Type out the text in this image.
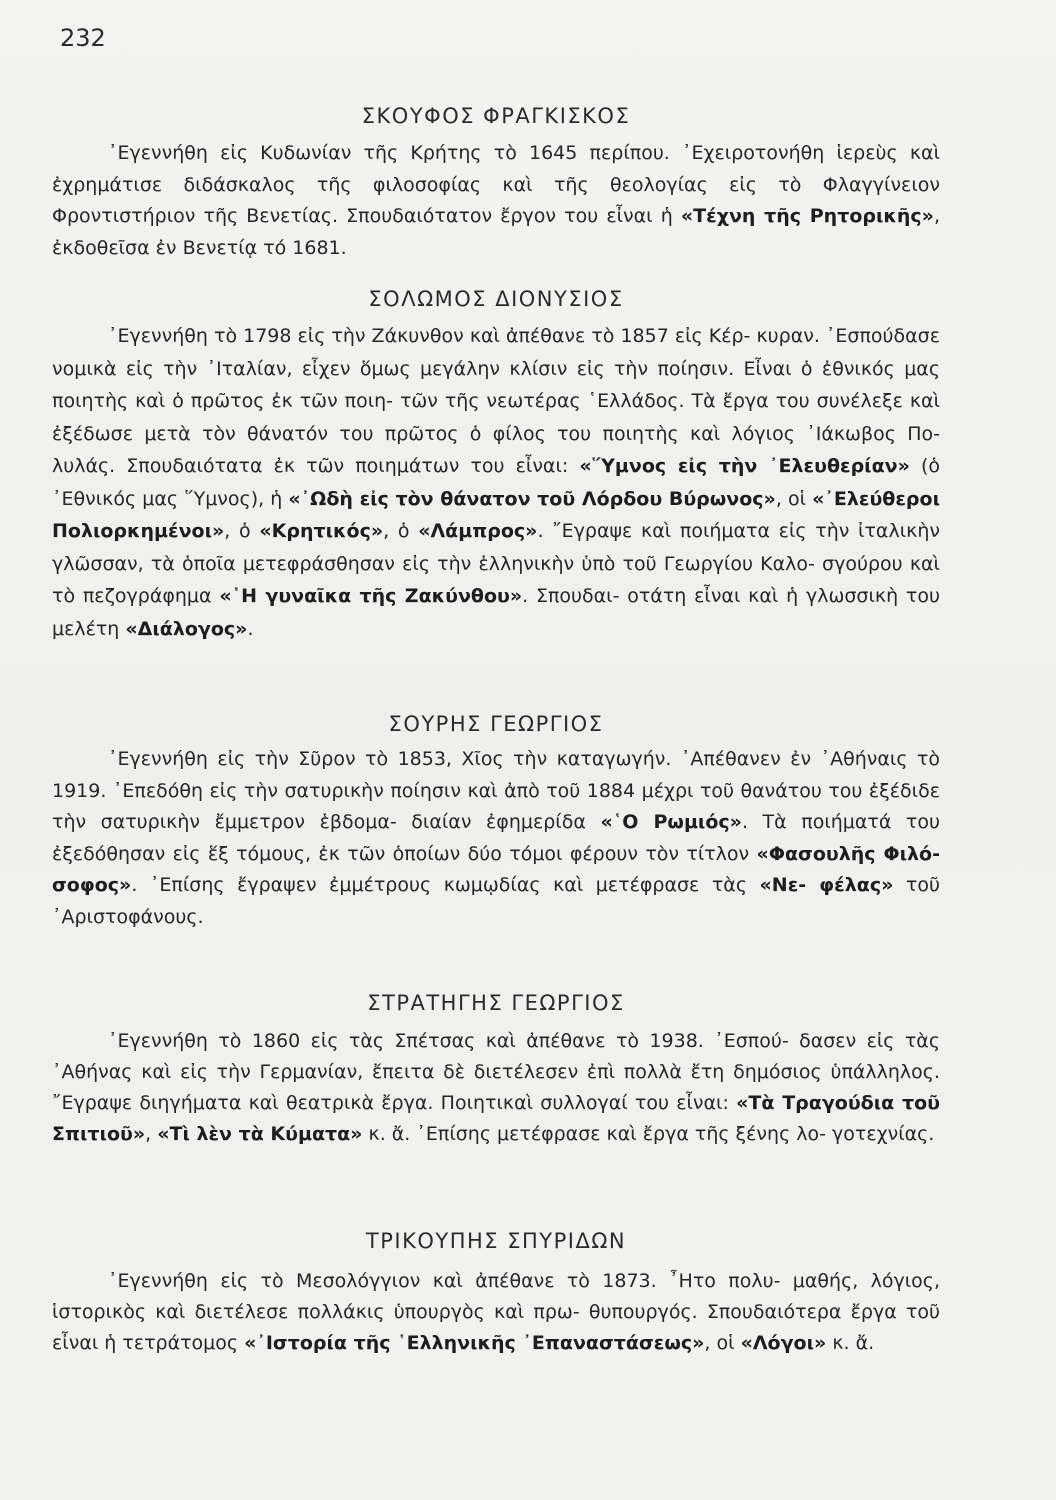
232
ΣΚΟΥΦΟΣ ΦΡΑΓΚΙΣΚΟΣ
᾿Εγεννήθη εἰς Κυδωνίαν τῆς Κρήτης τὸ 1645 περίπου. ᾿Εχειροτονήθη ἱερεὺς καὶ ἐχρημάτισε διδάσκαλος τῆς φιλοσοφίας καὶ τῆς θεολογίας εἰς τὸ Φλαγγίνειον Φροντιστήριον τῆς Βενετίας. Σπουδαιότατον ἔργον του εἶναι ἡ «Τέχνη τῆς Ρητορικῆς», ἐκδοθεῖσα ἐν Βενετίᾳ τό 1681.
ΣΟΛΩΜΟΣ ΔΙΟΝΥΣΙΟΣ
᾿Εγεννήθη τὸ 1798 εἰς τὴν Ζάκυνθον καὶ ἀπέθανε τὸ 1857 εἰς Κέρ- κυραν. ᾿Εσπούδασε νομικὰ εἰς τὴν ᾿Ιταλίαν, εἶχεν ὅμως μεγάλην κλίσιν εἰς τὴν ποίησιν. Εἶναι ὁ ἐθνικός μας ποιητὴς καὶ ὁ πρῶτος ἐκ τῶν ποιη- τῶν τῆς νεωτέρας ῾Ελλάδος. Τὰ ἔργα του συνέλεξε καὶ ἐξέδωσε μετὰ τὸν θάνατόν του πρῶτος ὁ φίλος του ποιητὴς καὶ λόγιος ᾿Ιάκωβος Πο- λυλάς. Σπουδαιότατα ἐκ τῶν ποιημάτων του εἶναι: «῞Υμνος εἰς τὴν ᾿Ελευθερίαν» (ὁ ᾿Εθνικός μας ῞Υμνος), ἡ «᾿Ωδὴ εἰς τὸν θάνατον τοῦ Λόρδου Βύρωνος», οἱ «᾿Ελεύθεροι Πολιορκημένοι», ὁ «Κρητικός», ὁ «Λάμπρος». ῎Εγραψε καὶ ποιήματα εἰς τὴν ἰταλικὴν γλῶσσαν, τὰ ὁποῖα μετεφράσθησαν εἰς τὴν ἑλληνικὴν ὑπὸ τοῦ Γεωργίου Καλο- σγούρου καὶ τὸ πεζογράφημα «῾Η γυναῖκα τῆς Ζακύνθου». Σπουδαι- οτάτη εἶναι καὶ ἡ γλωσσικὴ του μελέτη «Διάλογος».
ΣΟΥΡΗΣ ΓΕΩΡΓΙΟΣ
᾿Εγεννήθη εἰς τὴν Σῦρον τὸ 1853, Χῖος τὴν καταγωγήν. ᾿Απέθανεν ἐν ᾿Αθήναις τὸ 1919. ᾿Επεδόθη εἰς τὴν σατυρικὴν ποίησιν καὶ ἀπὸ τοῦ 1884 μέχρι τοῦ θανάτου του ἐξέδιδε τὴν σατυρικὴν ἔμμετρον ἑβδομα- διαίαν ἐφημερίδα «῾Ο Ρωμιός». Τὰ ποιήματά του ἐξεδόθησαν εἰς ἕξ τόμους, ἐκ τῶν ὁποίων δύο τόμοι φέρουν τὸν τίτλον «Φασουλῆς Φιλό- σοφος». ᾿Επίσης ἔγραψεν ἐμμέτρους κωμῳδίας καὶ μετέφρασε τὰς «Νε- φέλας» τοῦ ᾿Αριστοφάνους.
ΣΤΡΑΤΗΓΗΣ ΓΕΩΡΓΙΟΣ
᾿Εγεννήθη τὸ 1860 εἰς τὰς Σπέτσας καὶ ἀπέθανε τὸ 1938. ᾿Εσπού- δασεν εἰς τὰς ᾿Αθήνας καὶ εἰς τὴν Γερμανίαν, ἔπειτα δὲ διετέλεσεν ἐπὶ πολλὰ ἔτη δημόσιος ὑπάλληλος. ῎Εγραψε διηγήματα καὶ θεατρικὰ ἔργα. Ποιητικαὶ συλλογαί του εἶναι: «Τὰ Τραγούδια τοῦ Σπιτιοῦ», «Τὶ λὲν τὰ Κύματα» κ. ἄ. ᾿Επίσης μετέφρασε καὶ ἔργα τῆς ξένης λο- γοτεχνίας.
ΤΡΙΚΟΥΠΗΣ ΣΠΥΡΙΔΩΝ
᾿Εγεννήθη εἰς τὸ Μεσολόγγιον καὶ ἀπέθανε τὸ 1873. ῏Ητο πολυ- μαθής, λόγιος, ἱστορικὸς καὶ διετέλεσε πολλάκις ὑπουργὸς καὶ πρω- θυπουργός. Σπουδαιότερα ἔργα τοῦ εἶναι ἡ τετράτομος «᾿Ιστορία τῆς ῾Ελληνικῆς ᾿Επαναστάσεως», οἱ «Λόγοι» κ. ἄ.
